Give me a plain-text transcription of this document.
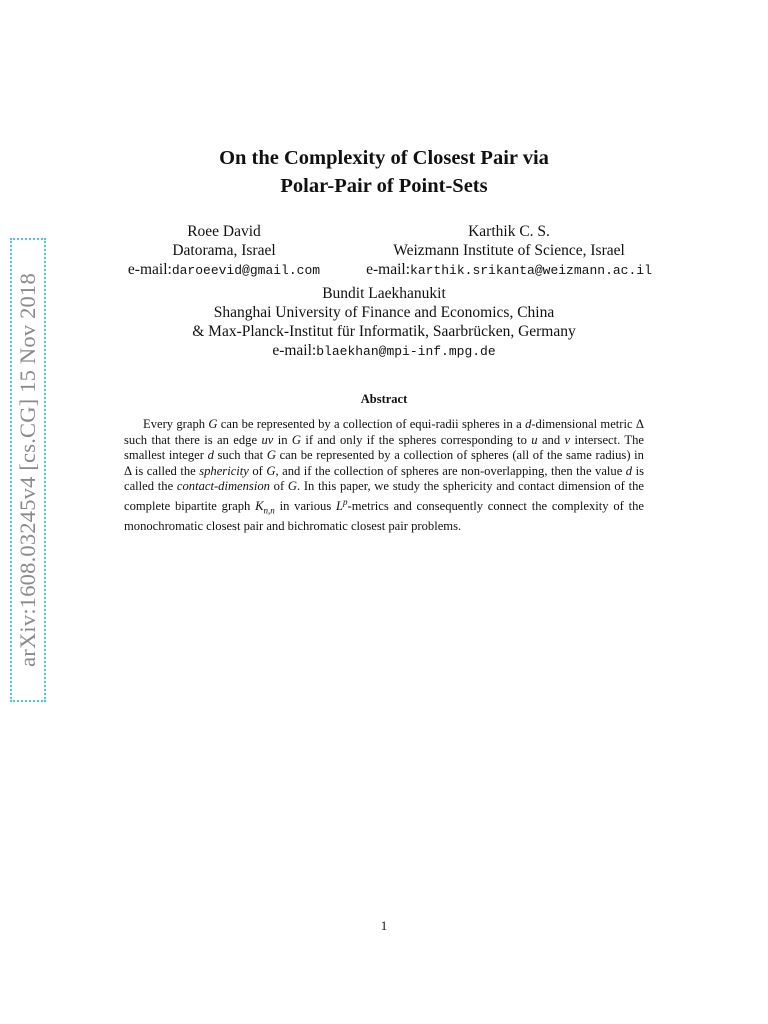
arXiv:1608.03245v4 [cs.CG] 15 Nov 2018
On the Complexity of Closest Pair via
Polar-Pair of Point-Sets
Roee David
Datorama, Israel
e-mail:daroeevid@gmail.com
Karthik C. S.
Weizmann Institute of Science, Israel
e-mail:karthik.srikanta@weizmann.ac.il
Bundit Laekhanukit
Shanghai University of Finance and Economics, China
& Max-Planck-Institut für Informatik, Saarbrücken, Germany
e-mail:blaekhan@mpi-inf.mpg.de
Abstract

Every graph G can be represented by a collection of equi-radii spheres in a d-dimensional metric Δ such that there is an edge uv in G if and only if the spheres corresponding to u and v intersect. The smallest integer d such that G can be represented by a collection of spheres (all of the same radius) in Δ is called the sphericity of G, and if the collection of spheres are non-overlapping, then the value d is called the contact-dimension of G. In this paper, we study the sphericity and contact dimension of the complete bipartite graph $K_{n,n}$ in various $L^p$-metrics and consequently connect the complexity of the monochromatic closest pair and bichromatic closest pair problems.

1
